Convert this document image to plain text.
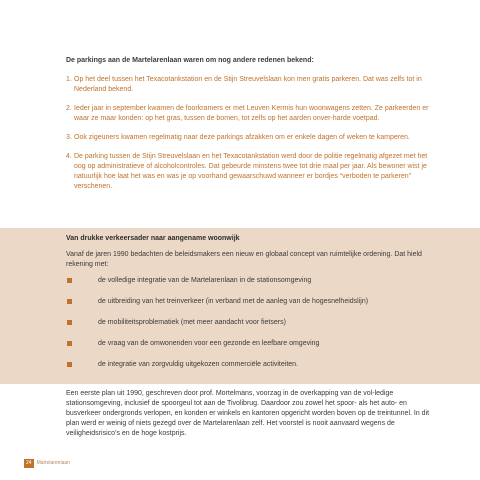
De parkings aan de Martelarenlaan waren om nog andere redenen bekend:

1. Op het deel tussen het Texacotankstation en de Stijn Streuvelslaan kon men gratis parkeren. Dat was zelfs tot in Nederland bekend.
2. Ieder jaar in september kwamen de foorkramers er met Leuven Kermis hun woonwagens zetten. Ze parkeerden er waar ze maar konden: op het gras, tussen de bomen, tot zelfs op het aarden onver-harde voetpad.
3. Ook zigeuners kwamen regelmatig naar deze parkings afzakken om er enkele dagen of weken te kamperen.
4. De parking tussen de Stijn Streuvelslaan en het Texacotankstation werd door de politie regelmatig afgezet met het oog op administratieve of alcoholcontroles. Dat gebeurde minstens twee tot drie maal per jaar. Als bewoner wist je natuurlijk hoe laat het was en was je op voorhand gewaarschuwd wanneer er bordjes “verboden te parkeren” verschenen.
Van drukke verkeersader naar aangename woonwijk
Vanaf de jaren 1990 bedachten de beleidsmakers een nieuw en globaal concept van ruimtelijke ordening. Dat hield rekening met:
de volledige integratie van de Martelarenlaan in de stationsomgeving
de uitbreiding van het treinverkeer (in verband met de aanleg van de hogesnelheidslijn)
de mobiliteitsproblematiek (met meer aandacht voor fietsers)
de vraag van de omwonenden voor een gezonde en leefbare omgeving
de integratie van zorgvuldig uitgekozen commerciële activiteiten.
Een eerste plan uit 1990, geschreven door prof. Mortelmans, voorzag in de overkapping van de vol-ledige stationsomgeving, inclusief de spoorgeul tot aan de Tivolibrug. Daardoor zou zowel het spoor- als het auto- en busverkeer ondergronds verlopen, en konden er winkels en kantoren opgericht worden boven op de treintunnel. In dit plan werd er weinig of niets gezegd over de Martelarenlaan zelf. Het voorstel is nooit aanvaard wegens de veiligheidsrisico’s en de hoge kostprijs.
24	Martelarenlaan
